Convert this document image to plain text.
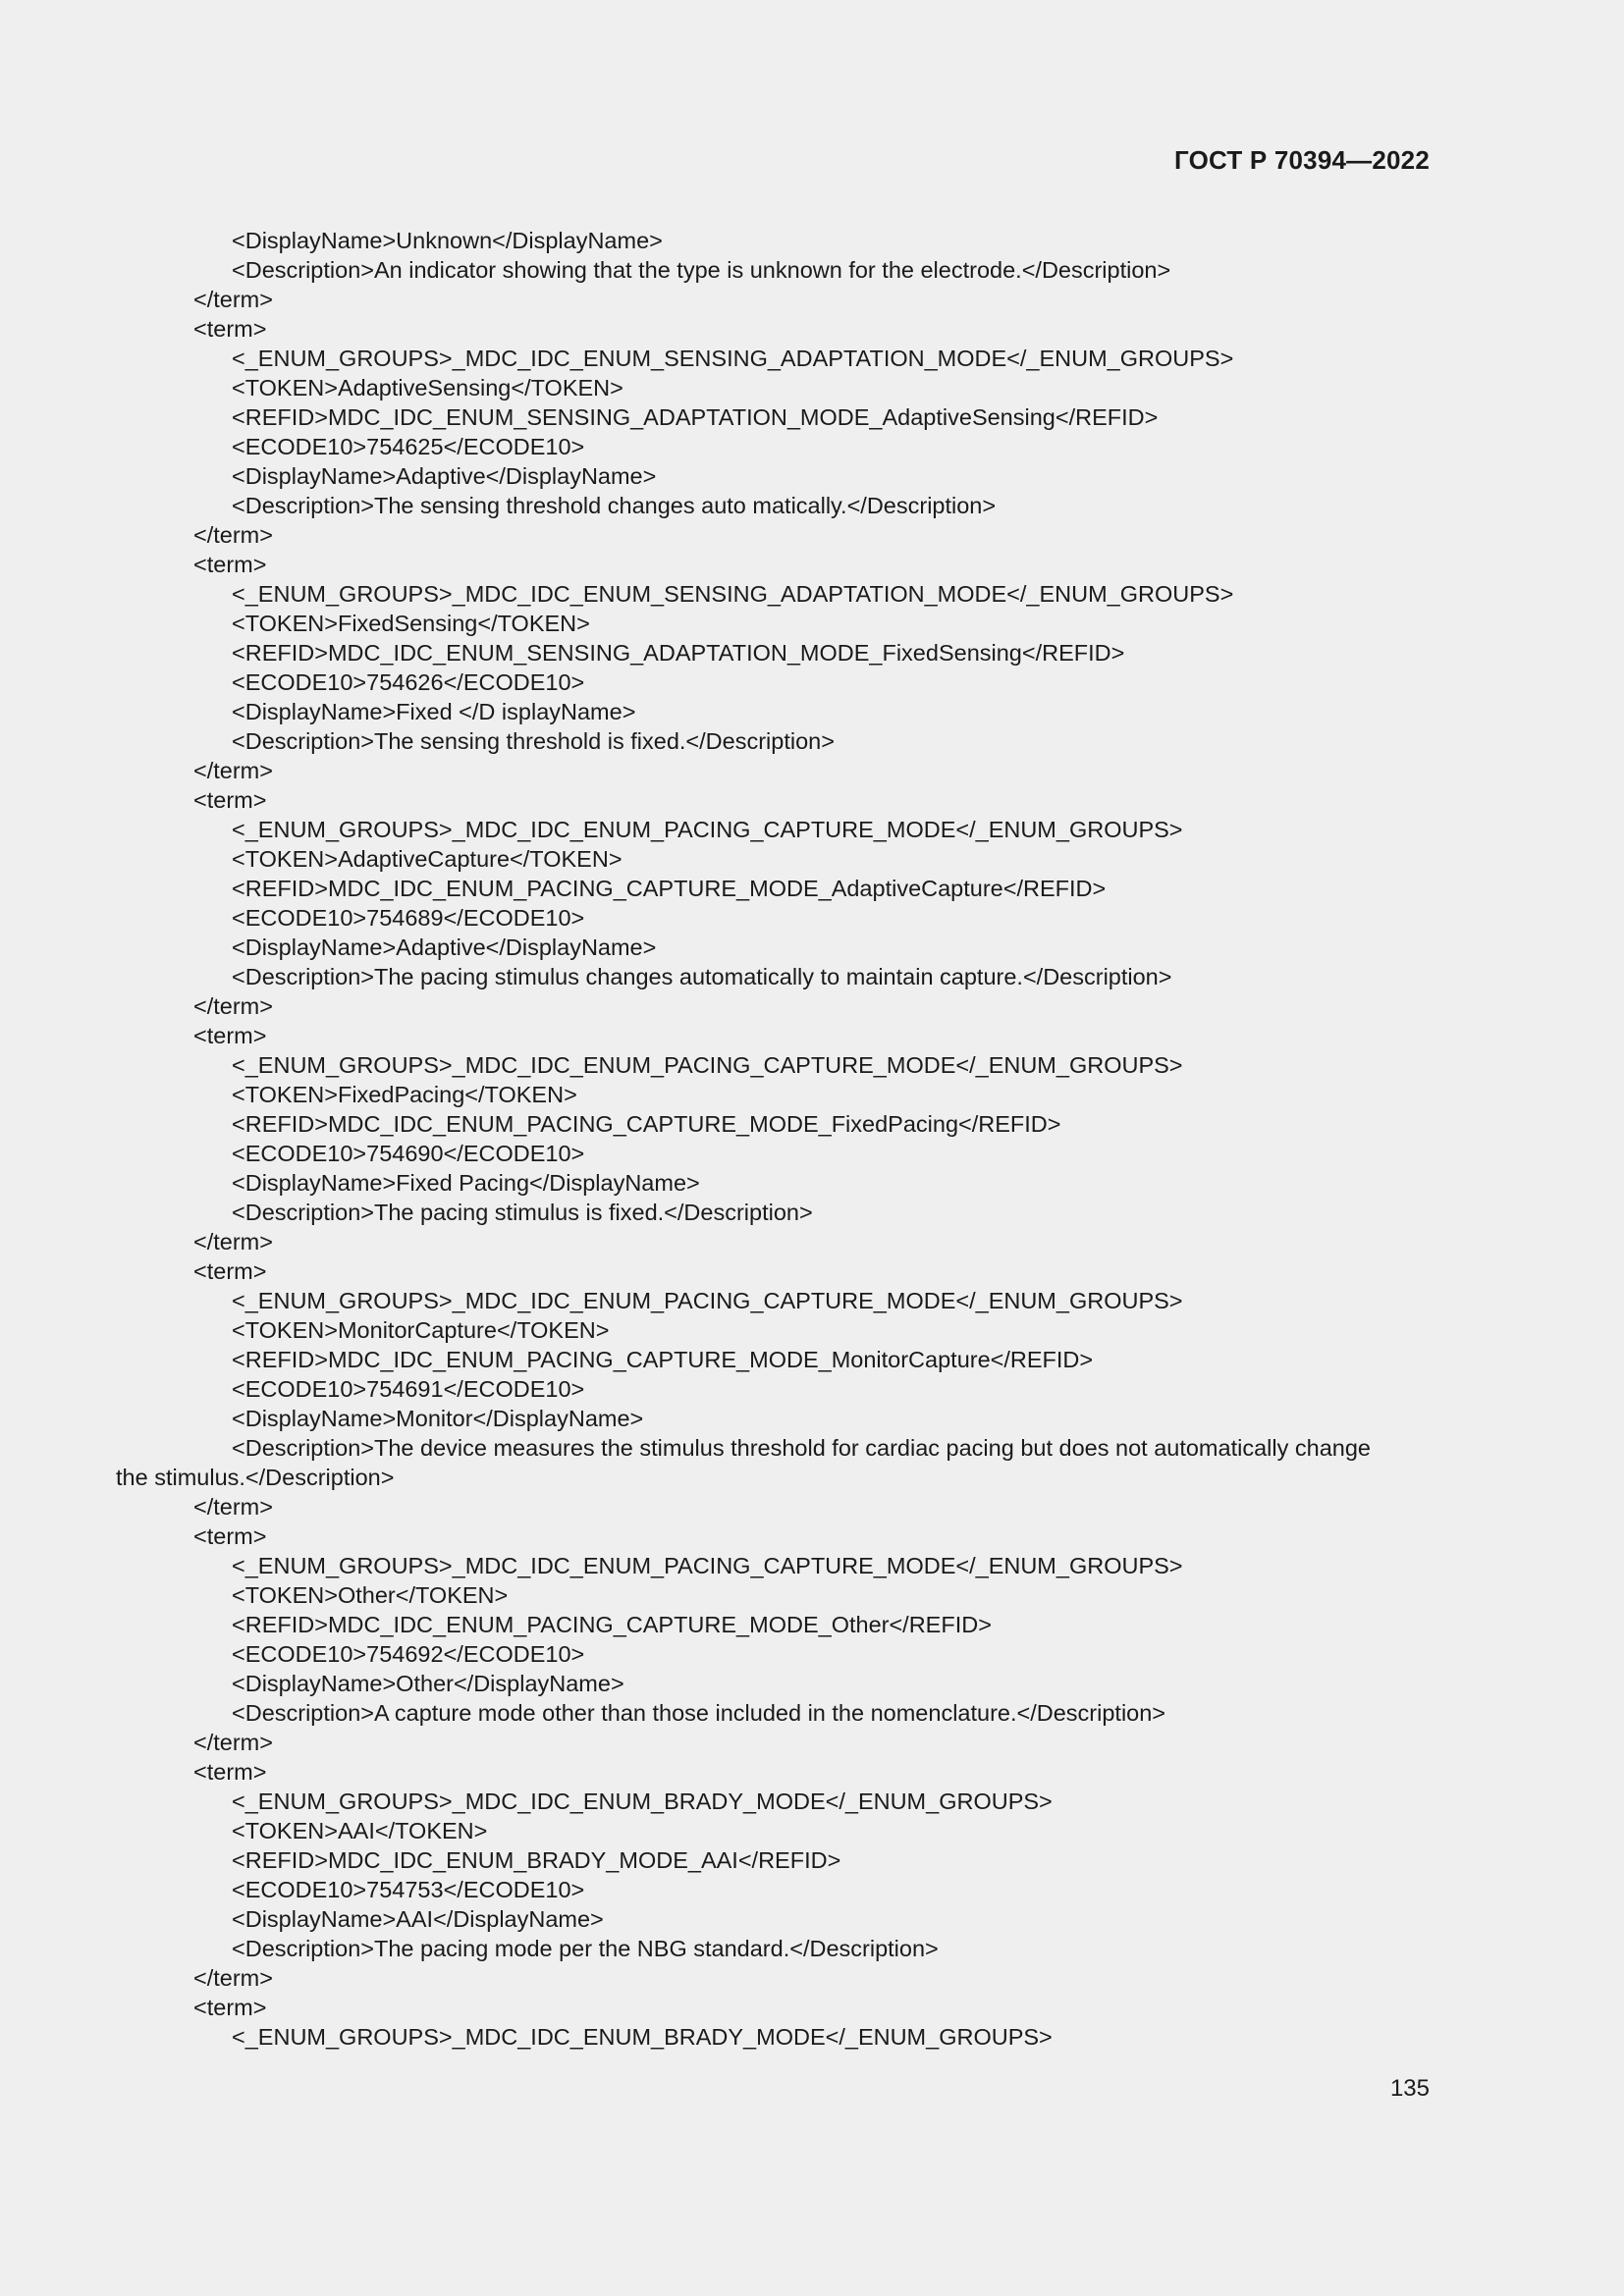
ГОСТ Р 70394—2022
<DisplayName>Unknown</DisplayName>
<Description>An indicator showing that the type is unknown for the electrode.</Description>
</term>
<term>
<_ENUM_GROUPS>_MDC_IDC_ENUM_SENSING_ADAPTATION_MODE</_ENUM_GROUPS>
<TOKEN>AdaptiveSensing</TOKEN>
<REFID>MDC_IDC_ENUM_SENSING_ADAPTATION_MODE_AdaptiveSensing</REFID>
<ECODE10>754625</ECODE10>
<DisplayName>Adaptive</DisplayName>
<Description>The sensing threshold changes auto matically.</Description>
</term>
<term>
<_ENUM_GROUPS>_MDC_IDC_ENUM_SENSING_ADAPTATION_MODE</_ENUM_GROUPS>
<TOKEN>FixedSensing</TOKEN>
<REFID>MDC_IDC_ENUM_SENSING_ADAPTATION_MODE_FixedSensing</REFID>
<ECODE10>754626</ECODE10>
<DisplayName>Fixed </D isplayName>
<Description>The sensing threshold is fixed.</Description>
</term>
<term>
<_ENUM_GROUPS>_MDC_IDC_ENUM_PACING_CAPTURE_MODE</_ENUM_GROUPS>
<TOKEN>AdaptiveCapture</TOKEN>
<REFID>MDC_IDC_ENUM_PACING_CAPTURE_MODE_AdaptiveCapture</REFID>
<ECODE10>754689</ECODE10>
<DisplayName>Adaptive</DisplayName>
<Description>The pacing stimulus changes automatically to maintain capture.</Description>
</term>
<term>
<_ENUM_GROUPS>_MDC_IDC_ENUM_PACING_CAPTURE_MODE</_ENUM_GROUPS>
<TOKEN>FixedPacing</TOKEN>
<REFID>MDC_IDC_ENUM_PACING_CAPTURE_MODE_FixedPacing</REFID>
<ECODE10>754690</ECODE10>
<DisplayName>Fixed Pacing</DisplayName>
<Description>The pacing stimulus is fixed.</Description>
</term>
<term>
<_ENUM_GROUPS>_MDC_IDC_ENUM_PACING_CAPTURE_MODE</_ENUM_GROUPS>
<TOKEN>MonitorCapture</TOKEN>
<REFID>MDC_IDC_ENUM_PACING_CAPTURE_MODE_MonitorCapture</REFID>
<ECODE10>754691</ECODE10>
<DisplayName>Monitor</DisplayName>
<Description>The device measures the stimulus threshold for cardiac pacing but does not automatically change
the stimulus.</Description>
</term>
<term>
<_ENUM_GROUPS>_MDC_IDC_ENUM_PACING_CAPTURE_MODE</_ENUM_GROUPS>
<TOKEN>Other</TOKEN>
<REFID>MDC_IDC_ENUM_PACING_CAPTURE_MODE_Other</REFID>
<ECODE10>754692</ECODE10>
<DisplayName>Other</DisplayName>
<Description>A capture mode other than those included in the nomenclature.</Description>
</term>
<term>
<_ENUM_GROUPS>_MDC_IDC_ENUM_BRADY_MODE</_ENUM_GROUPS>
<TOKEN>AAI</TOKEN>
<REFID>MDC_IDC_ENUM_BRADY_MODE_AAI</REFID>
<ECODE10>754753</ECODE10>
<DisplayName>AAI</DisplayName>
<Description>The pacing mode per the NBG standard.</Description>
</term>
<term>
<_ENUM_GROUPS>_MDC_IDC_ENUM_BRADY_MODE</_ENUM_GROUPS>
135
